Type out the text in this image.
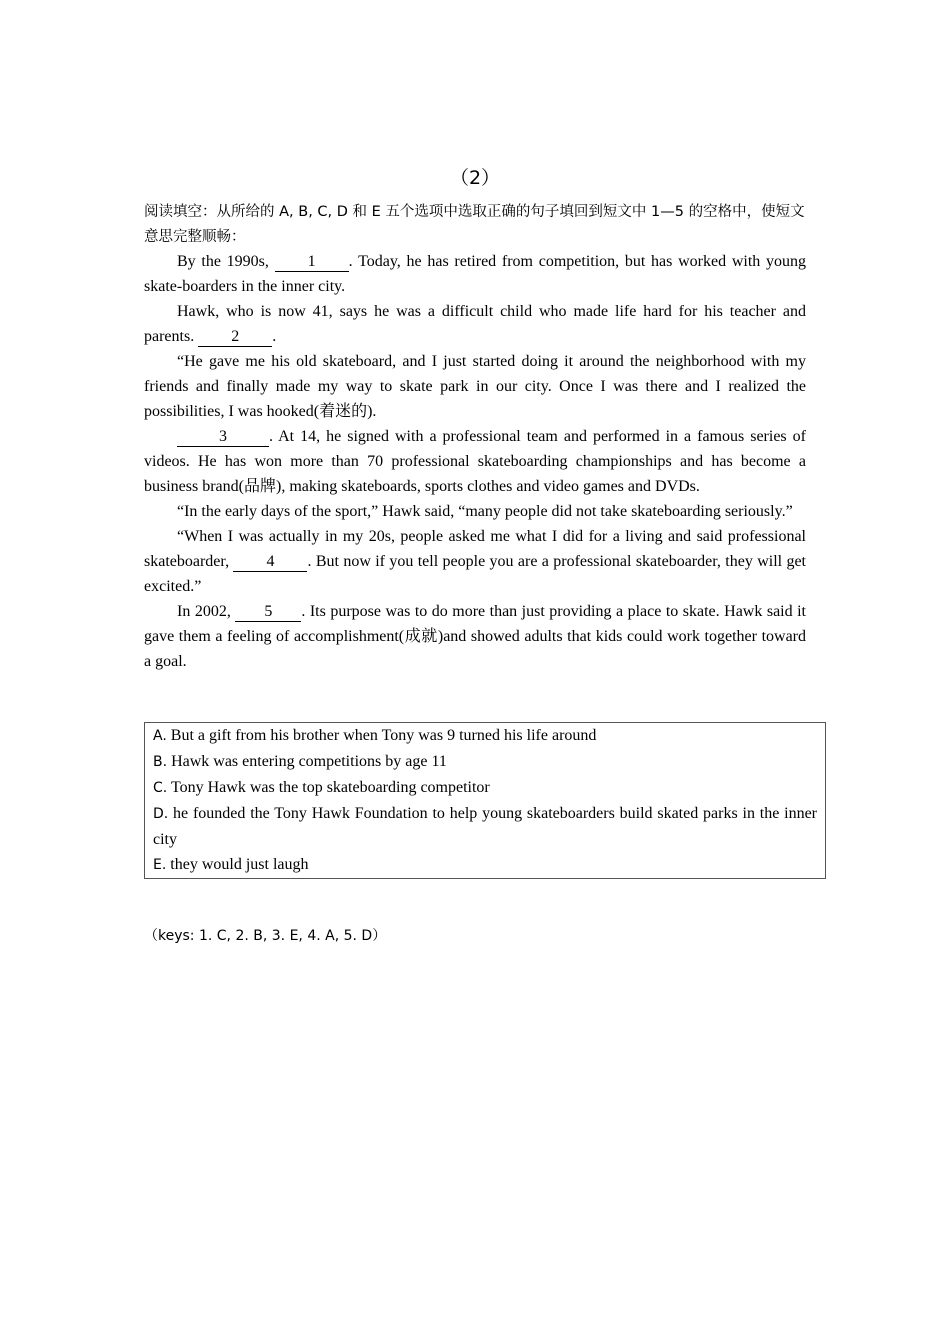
（2）
阅读填空：从所给的 A, B, C, D 和 E 五个选项中选取正确的句子填回到短文中 1—5 的空格中，使短文意思完整顺畅：

By the 1990s, 1 . Today, he has retired from competition, but has worked with young skate-boarders in the inner city.

Hawk, who is now 41, says he was a difficult child who made life hard for his teacher and parents. 2 .

“He gave me his old skateboard, and I just started doing it around the neighborhood with my friends and finally made my way to skate park in our city. Once I was there and I realized the possibilities, I was hooked(着迷的).

3	. At 14, he signed with a professional team and performed in a famous series of videos. He has won more than 70 professional skateboarding championships and has become a business brand(品牌), making skateboards, sports clothes and video games and DVDs.

“In the early days of the sport,” Hawk said, “many people did not take skateboarding seriously.”

“When I was actually in my 20s, people asked me what I did for a living and said professional skateboarder, 4 . But now if you tell people you are a professional skateboarder, they will get excited.”

In 2002, 5 . Its purpose was to do more than just providing a place to skate. Hawk said it gave them a feeling of accomplishment(成就)and showed adults that kids could work together toward a goal.

A. But a gift from his brother when Tony was 9 turned his life around

B. Hawk was entering competitions by age 11

C. Tony Hawk was the top skateboarding competitor

D. he founded the Tony Hawk Foundation to help young skateboarders build skated parks in the inner city

E. they would just laugh

（keys: 1. C, 2. B, 3. E, 4. A, 5. D）
